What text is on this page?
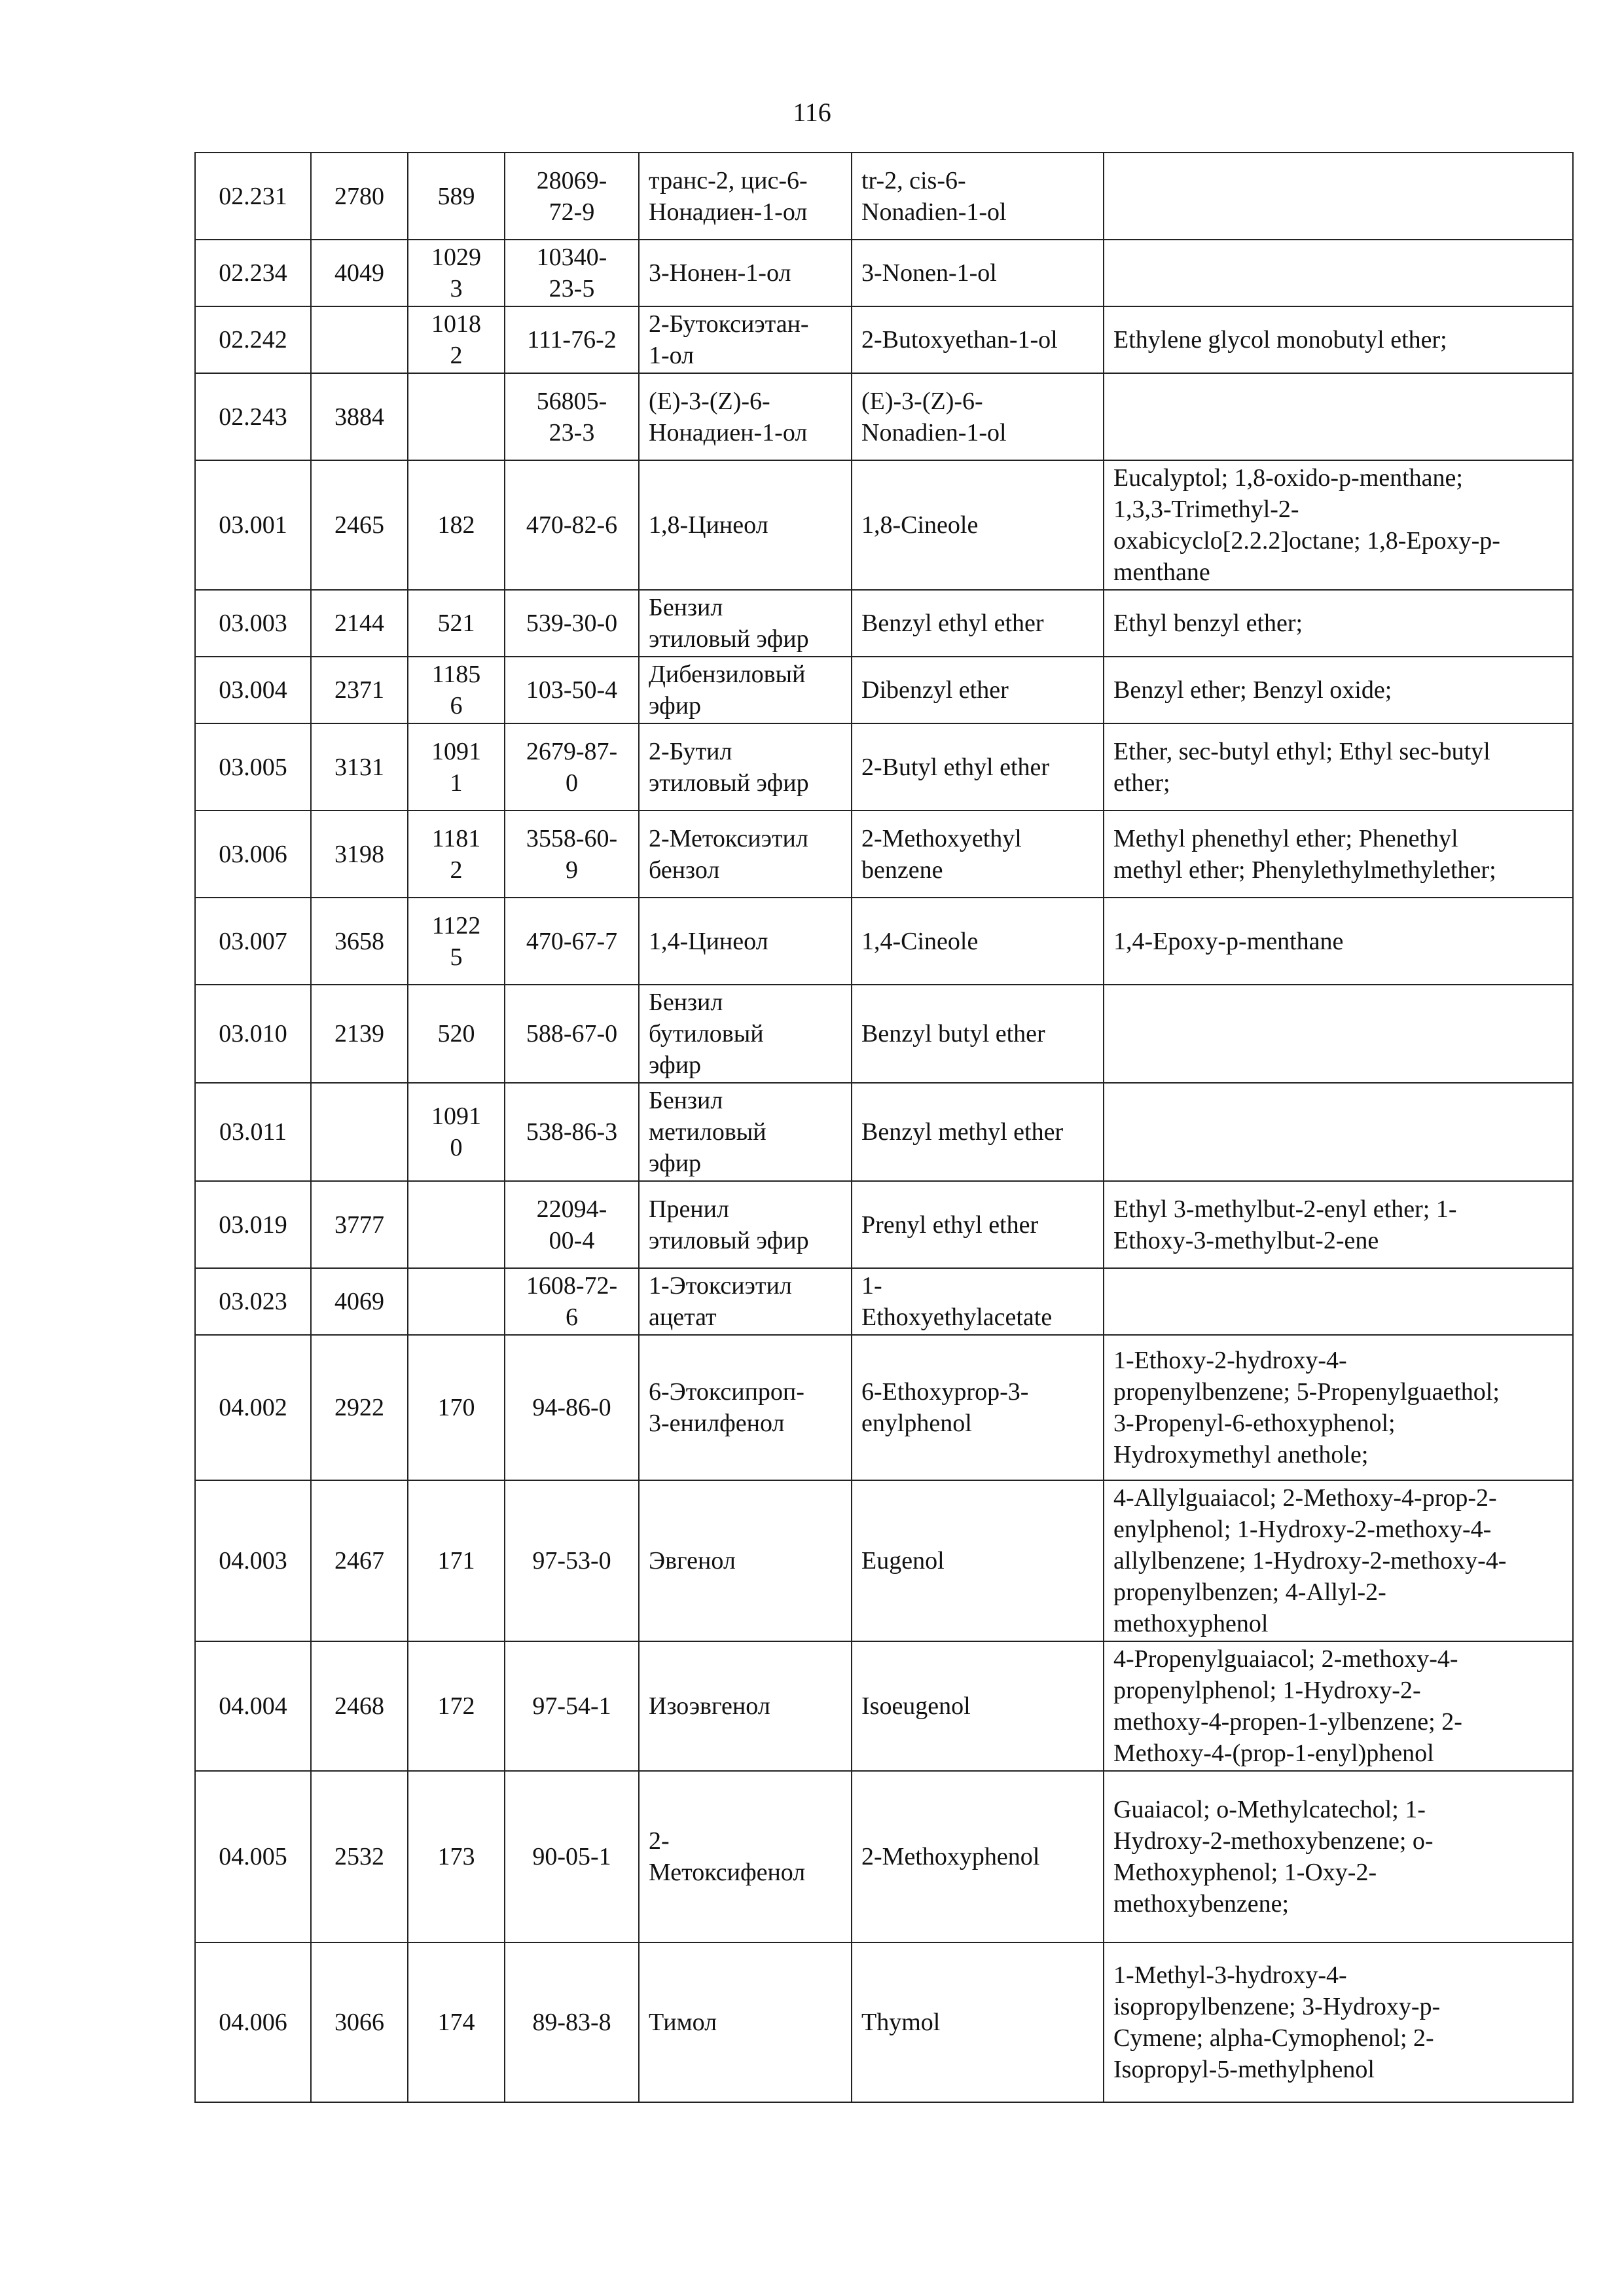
116
02.231	2780	589	28069-
72-9	транс-2, цис-6-
Нонадиен-1-ол	tr-2, cis-6-
Nonadien-1-ol	
02.234	4049	1029
3	10340-
23-5	3-Нонен-1-ол	3-Nonen-1-ol	
02.242		1018
2	111-76-2	2-Бутоксиэтан-
1-ол	2-Butoxyethan-1-ol	Ethylene glycol monobutyl ether;
02.243	3884		56805-
23-3	(E)-3-(Z)-6-
Нонадиен-1-ол	(E)-3-(Z)-6-
Nonadien-1-ol	
03.001	2465	182	470-82-6	1,8-Цинеол	1,8-Cineole	Eucalyptol; 1,8-oxido-p-menthane;
1,3,3-Trimethyl-2-
oxabicyclo[2.2.2]octane; 1,8-Epoxy-p-
menthane
03.003	2144	521	539-30-0	Бензил
этиловый эфир	Benzyl ethyl ether	Ethyl benzyl ether;
03.004	2371	1185
6	103-50-4	Дибензиловый
эфир	Dibenzyl ether	Benzyl ether; Benzyl oxide;
03.005	3131	1091
1	2679-87-
0	2-Бутил
этиловый эфир	2-Butyl ethyl ether	Ether, sec-butyl ethyl; Ethyl sec-butyl
ether;
03.006	3198	1181
2	3558-60-
9	2-Метоксиэтил
бензол	2-Methoxyethyl
benzene	Methyl phenethyl ether; Phenethyl
methyl ether; Phenylethylmethylether;
03.007	3658	1122
5	470-67-7	1,4-Цинеол	1,4-Cineole	1,4-Epoxy-p-menthane
03.010	2139	520	588-67-0	Бензил
бутиловый
эфир	Benzyl butyl ether	
03.011		1091
0	538-86-3	Бензил
метиловый
эфир	Benzyl methyl ether	
03.019	3777		22094-
00-4	Пренил
этиловый эфир	Prenyl ethyl ether	Ethyl 3-methylbut-2-enyl ether; 1-
Ethoxy-3-methylbut-2-ene
03.023	4069		1608-72-
6	1-Этоксиэтил
ацетат	1-
Ethoxyethylacetate	
04.002	2922	170	94-86-0	6-Этоксипроп-
3-енилфенол	6-Ethoxyprop-3-
enylphenol	1-Ethoxy-2-hydroxy-4-
propenylbenzene; 5-Propenylguaethol;
3-Propenyl-6-ethoxyphenol;
Hydroxymethyl anethole;
04.003	2467	171	97-53-0	Эвгенол	Eugenol	4-Allylguaiacol; 2-Methoxy-4-prop-2-
enylphenol; 1-Hydroxy-2-methoxy-4-
allylbenzene; 1-Hydroxy-2-methoxy-4-
propenylbenzen; 4-Allyl-2-
methoxyphenol
04.004	2468	172	97-54-1	Изоэвгенол	Isoeugenol	4-Propenylguaiacol; 2-methoxy-4-
propenylphenol; 1-Hydroxy-2-
methoxy-4-propen-1-ylbenzene; 2-
Methoxy-4-(prop-1-enyl)phenol
04.005	2532	173	90-05-1	2-
Метоксифенол	2-Methoxyphenol	Guaiacol; o-Methylcatechol; 1-
Hydroxy-2-methoxybenzene; o-
Methoxyphenol; 1-Oxy-2-
methoxybenzene;
04.006	3066	174	89-83-8	Тимол	Thymol	1-Methyl-3-hydroxy-4-
isopropylbenzene; 3-Hydroxy-p-
Cymene; alpha-Cymophenol; 2-
Isopropyl-5-methylphenol
